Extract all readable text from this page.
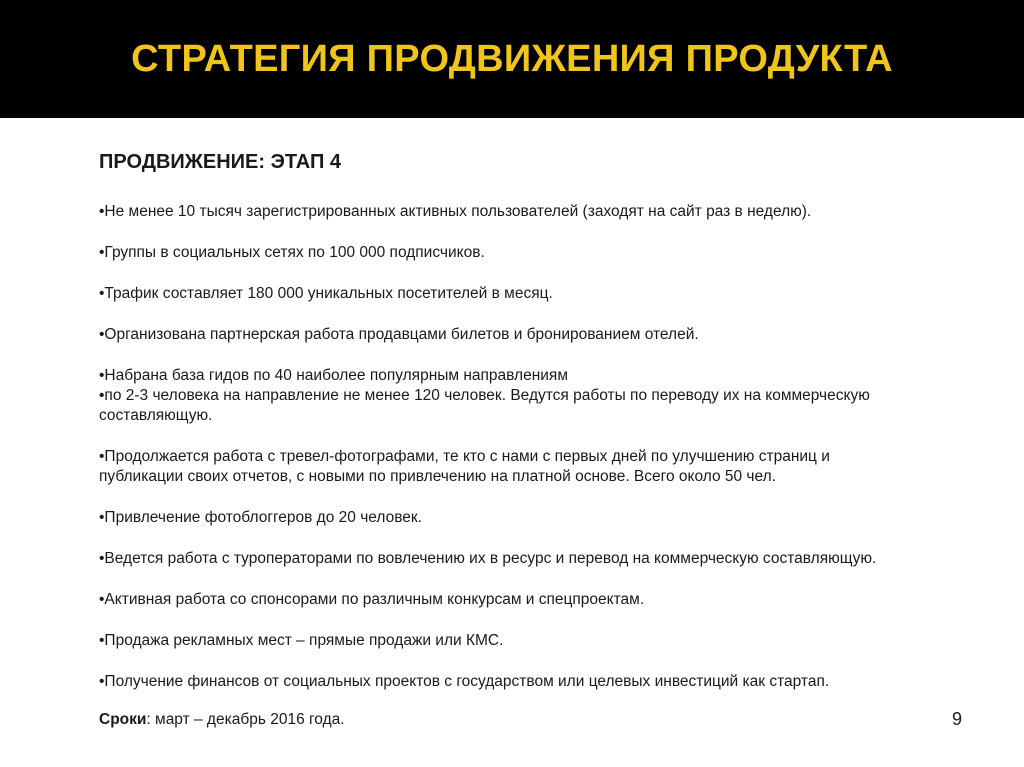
СТРАТЕГИЯ ПРОДВИЖЕНИЯ ПРОДУКТА
ПРОДВИЖЕНИЕ: ЭТАП 4
•Не менее 10 тысяч зарегистрированных активных пользователей (заходят на сайт раз в неделю).
•Группы в социальных сетях по 100 000 подписчиков.
•Трафик составляет 180 000 уникальных посетителей в месяц.
•Организована партнерская работа продавцами билетов и бронированием отелей.
•Набрана база гидов по 40 наиболее популярным направлениям
•по 2-3 человека на направление не менее 120 человек. Ведутся работы по переводу их на коммерческую
составляющую.
•Продолжается работа с тревел-фотографами, те кто с нами с первых дней по улучшению страниц и
публикации своих отчетов, с новыми по привлечению на платной основе. Всего около 50 чел.
•Привлечение фотоблоггеров до 20 человек.
•Ведется работа с туроператорами по вовлечению их в ресурс и перевод на коммерческую составляющую.
•Активная работа со спонсорами по различным конкурсам и спецпроектам.
•Продажа рекламных мест – прямые продажи или КМС.
•Получение финансов от социальных проектов с государством или целевых инвестиций как стартап.
Сроки: март – декабрь 2016 года.	9
